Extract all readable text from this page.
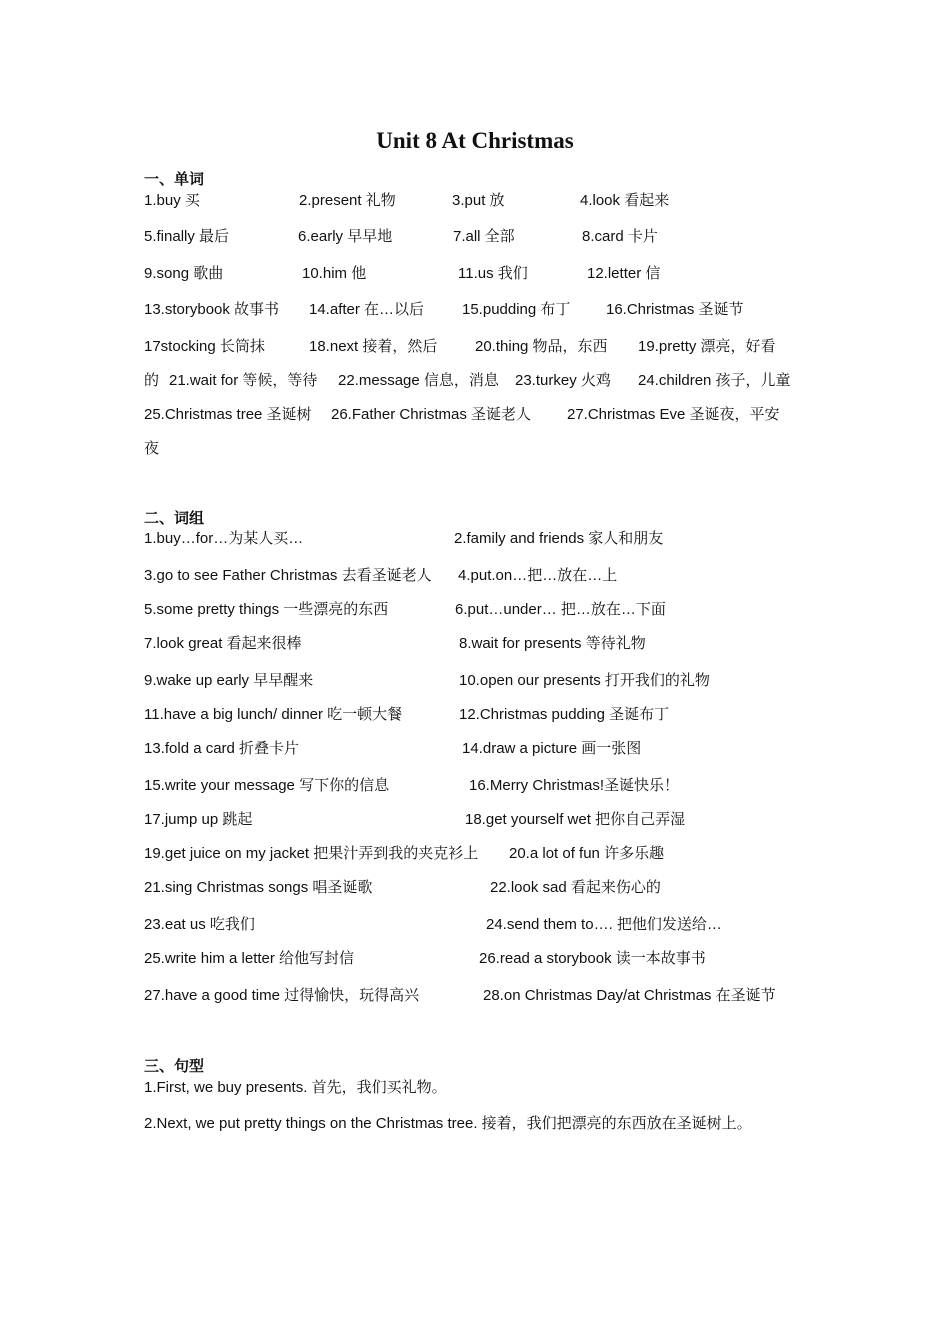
Unit 8 At Christmas
一、单词
1.buy 买	2.present 礼物	3.put 放	4.look 看起来
5.finally 最后	6.early 早早地	7.all 全部	8.card 卡片
9.song 歌曲	10.him 他	11.us 我们	12.letter 信
13.storybook 故事书 14.after 在…以后	15.pudding 布丁 16.Christmas 圣诞节
17stocking 长筒抹	18.next 接着，然后	20.thing 物品，东西 19.pretty 漂亮，好看
的 21.wait for 等候，等待 22.message 信息，消息 23.turkey 火鸡 24.children 孩子，儿童
25.Christmas tree 圣诞树 26.Father Christmas 圣诞老人 27.Christmas Eve 圣诞夜，平安
夜
二、词组
1.buy…for…为某人买…	2.family and friends 家人和朋友
3.go to see Father Christmas 去看圣诞老人 4.put.on…把…放在…上
5.some pretty things 一些漂亮的东西	6.put…under… 把…放在…下面
7.look great 看起来很棒	8.wait for presents 等待礼物
9.wake up early 早早醒来	10.open our presents 打开我们的礼物
11.have a big lunch/ dinner 吃一顿大餐	12.Christmas pudding 圣诞布丁
13.fold a card 折叠卡片	14.draw a picture 画一张图
15.write your message 写下你的信息	16.Merry Christmas!圣诞快乐！
17.jump up 跳起	18.get yourself wet 把你自己弄湿
19.get juice on my jacket 把果汁弄到我的夹克衫上 20.a lot of fun 许多乐趣
21.sing Christmas songs 唱圣诞歌	22.look sad 看起来伤心的
23.eat us 吃我们	24.send them to…. 把他们发送给…
25.write him a letter 给他写封信	26.read a storybook 读一本故事书
27.have a good time 过得愉快，玩得高兴	28.on Christmas Day/at Christmas 在圣诞节
三、句型
1.First, we buy presents. 首先，我们买礼物。
2.Next, we put pretty things on the Christmas tree. 接着，我们把漂亮的东西放在圣诞树上。
